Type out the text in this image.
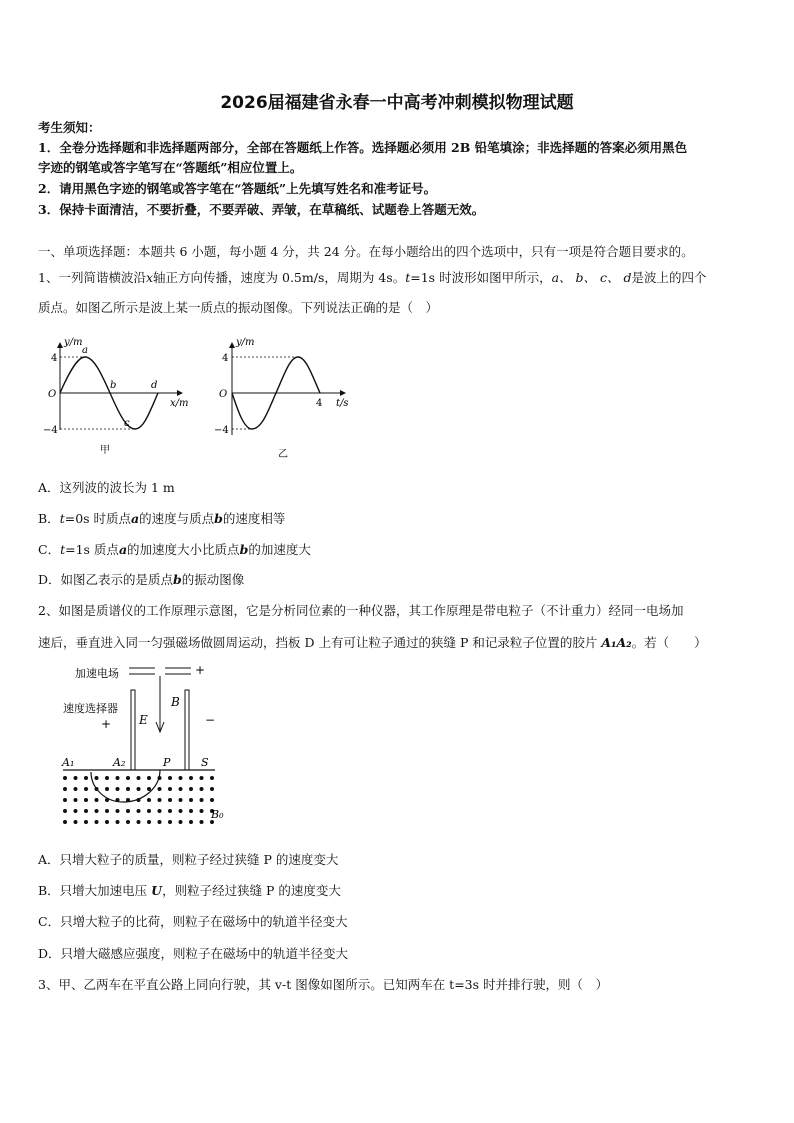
2026届福建省永春一中高考冲刺模拟物理试题
考生须知：
1．全卷分选择题和非选择题两部分，全部在答题纸上作答。选择题必须用 2B 铅笔填涂；非选择题的答案必须用黑色
字迹的钢笔或答字笔写在“答题纸”相应位置上。
2．请用黑色字迹的钢笔或答字笔在“答题纸”上先填写姓名和准考证号。
3．保持卡面清洁，不要折叠，不要弄破、弄皱，在草稿纸、试题卷上答题无效。
一、单项选择题：本题共 6 小题，每小题 4 分，共 24 分。在每小题给出的四个选项中，只有一项是符合题目要求的。
1、一列简谐横波沿x轴正方向传播，速度为 0.5m/s，周期为 4s。t=1s 时波形如图甲所示，a、 b、 c、 d是波上的四个
质点。如图乙所示是波上某一质点的振动图像。下列说法正确的是（　）
y/m
x/m
O
4
−4
a
b
c
d
甲
y/m
t/s
O
4
−4
4
乙
A．这列波的波长为 1 m
B．t=0s 时质点a的速度与质点b的速度相等
C．t=1s 质点a的加速度大小比质点b的加速度大
D．如图乙表示的是质点b的振动图像
2、如图是质谱仪的工作原理示意图，它是分析同位素的一种仪器，其工作原理是带电粒子（不计重力）经同一电场加
速后，垂直进入同一匀强磁场做圆周运动，挡板 D 上有可让粒子通过的狭缝 P 和记录粒子位置的胶片 A₁A₂。若（　　）
加速电场	+
速度选择器
+ E
B
−
A₁	A₂	P	S
B₀
A．只增大粒子的质量，则粒子经过狭缝 P 的速度变大
B．只增大加速电压 U，则粒子经过狭缝 P 的速度变大
C．只增大粒子的比荷，则粒子在磁场中的轨道半径变大
D．只增大磁感应强度，则粒子在磁场中的轨道半径变大
3、甲、乙两车在平直公路上同向行驶，其 v-t 图像如图所示。已知两车在 t=3s 时并排行驶，则（　）
